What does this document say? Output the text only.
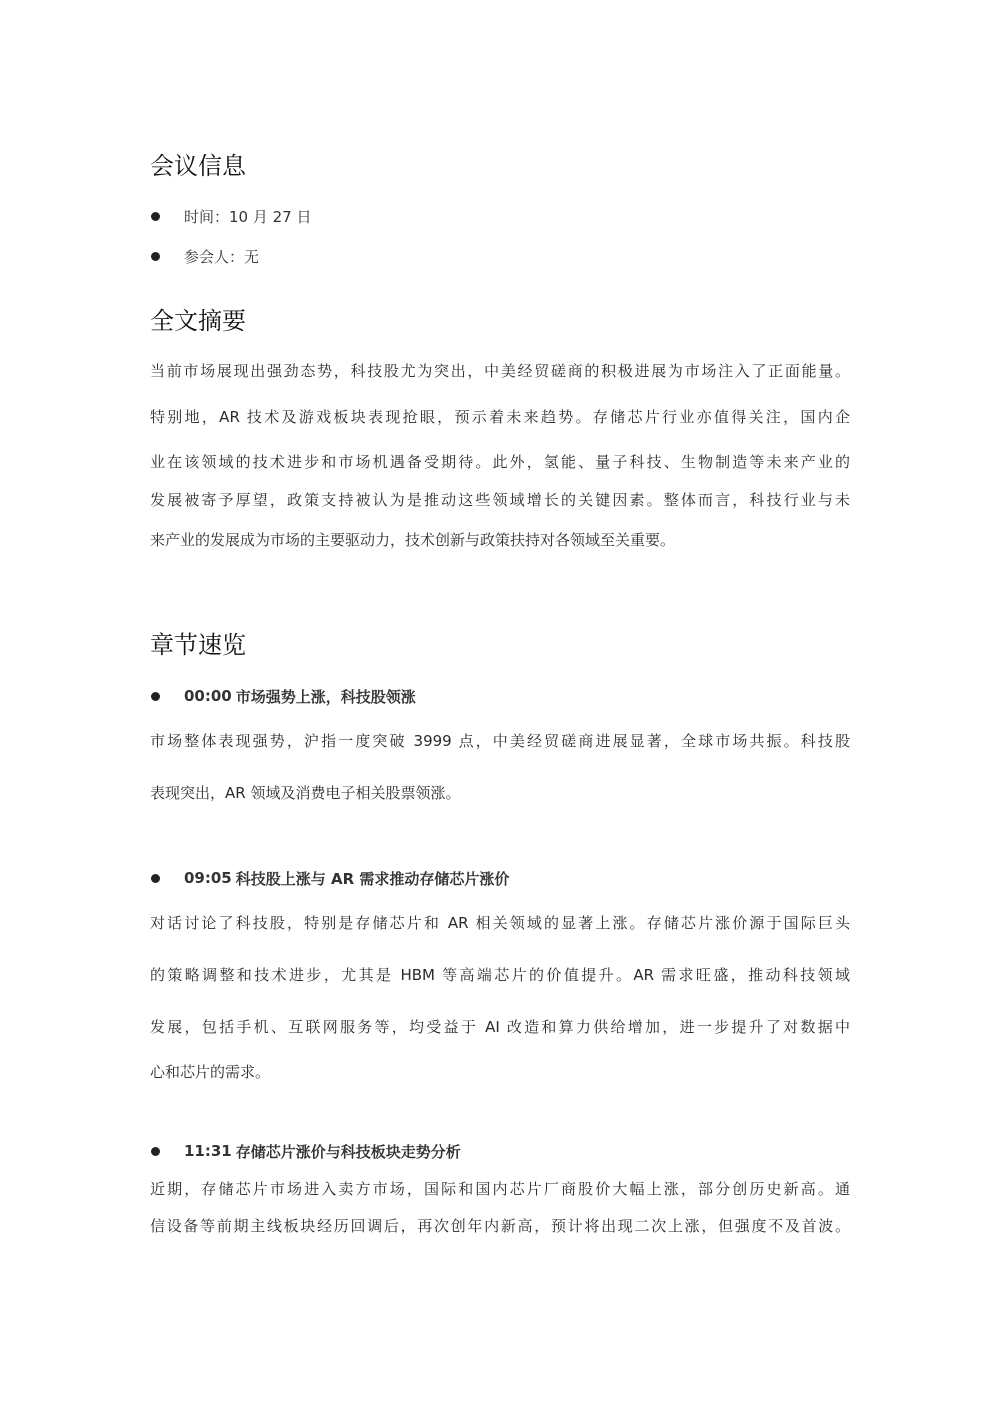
会议信息
时间： 10 月 27 日
参会人： 无
全文摘要
当前市场展现出强劲态势，科技股尤为突出，中美经贸磋商的积极进展为市场注入了正面能量。
特别地，AR 技术及游戏板块表现抢眼，预示着未来趋势。存储芯片行业亦值得关注，国内企
业在该领域的技术进步和市场机遇备受期待。此外，氢能、量子科技、生物制造等未来产业的
发展被寄予厚望，政策支持被认为是推动这些领域增长的关键因素。整体而言，科技行业与未
来产业的发展成为市场的主要驱动力，技术创新与政策扶持对各领域至关重要。
章节速览
00:00 市场强势上涨，科技股领涨
市场整体表现强势，沪指一度突破 3999 点，中美经贸磋商进展显著，全球市场共振。科技股
表现突出，AR 领域及消费电子相关股票领涨。
09:05 科技股上涨与 AR 需求推动存储芯片涨价
对话讨论了科技股，特别是存储芯片和 AR 相关领域的显著上涨。存储芯片涨价源于国际巨头
的策略调整和技术进步，尤其是 HBM 等高端芯片的价值提升。AR 需求旺盛，推动科技领域
发展，包括手机、互联网服务等，均受益于 AI 改造和算力供给增加，进一步提升了对数据中
心和芯片的需求。
11:31 存储芯片涨价与科技板块走势分析
近期，存储芯片市场进入卖方市场，国际和国内芯片厂商股价大幅上涨，部分创历史新高。通
信设备等前期主线板块经历回调后，再次创年内新高，预计将出现二次上涨，但强度不及首波。
